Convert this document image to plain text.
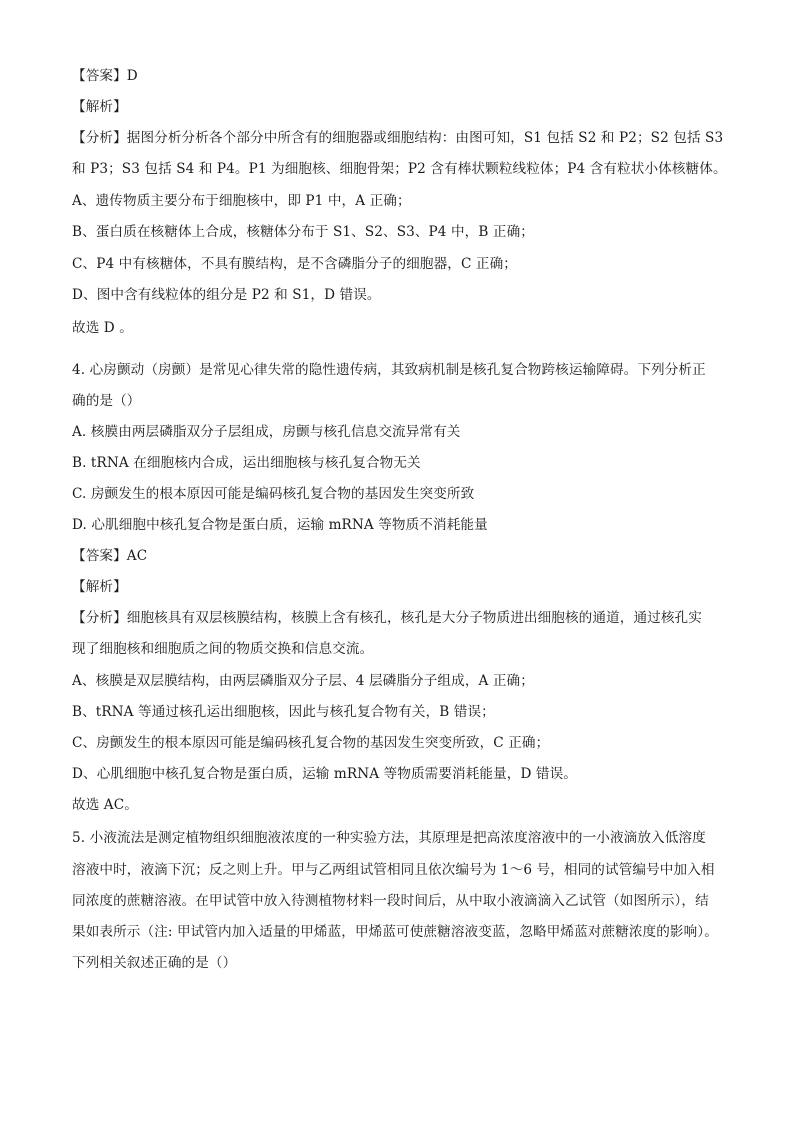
【答案】D
【解析】
【分析】据图分析分析各个部分中所含有的细胞器或细胞结构：由图可知，S1 包括 S2 和 P2；S2 包括 S3
和 P3；S3 包括 S4 和 P4。P1 为细胞核、细胞骨架；P2 含有棒状颗粒线粒体；P4 含有粒状小体核糖体。
A、遗传物质主要分布于细胞核中，即 P1 中，A 正确；
B、蛋白质在核糖体上合成，核糖体分布于 S1、S2、S3、P4 中，B 正确；
C、P4 中有核糖体，不具有膜结构，是不含磷脂分子的细胞器，C 正确；
D、图中含有线粒体的组分是 P2 和 S1，D 错误。
故选 D 。
4. 心房颤动（房颤）是常见心律失常的隐性遗传病，其致病机制是核孔复合物跨核运输障碍。下列分析正
确的是（）
A. 核膜由两层磷脂双分子层组成，房颤与核孔信息交流异常有关
B. tRNA 在细胞核内合成，运出细胞核与核孔复合物无关
C. 房颤发生的根本原因可能是编码核孔复合物的基因发生突变所致
D. 心肌细胞中核孔复合物是蛋白质，运输 mRNA 等物质不消耗能量
【答案】AC
【解析】
【分析】细胞核具有双层核膜结构，核膜上含有核孔，核孔是大分子物质进出细胞核的通道，通过核孔实
现了细胞核和细胞质之间的物质交换和信息交流。
A、核膜是双层膜结构，由两层磷脂双分子层、4 层磷脂分子组成，A 正确；
B、tRNA 等通过核孔运出细胞核，因此与核孔复合物有关，B 错误；
C、房颤发生的根本原因可能是编码核孔复合物的基因发生突变所致，C 正确；
D、心肌细胞中核孔复合物是蛋白质，运输 mRNA 等物质需要消耗能量，D 错误。
故选 AC。
5. 小液流法是测定植物组织细胞液浓度的一种实验方法，其原理是把高浓度溶液中的一小液滴放入低溶度
溶液中时，液滴下沉；反之则上升。甲与乙两组试管相同且依次编号为 1～6 号，相同的试管编号中加入相
同浓度的蔗糖溶液。在甲试管中放入待测植物材料一段时间后，从中取小液滴滴入乙试管（如图所示），结
果如表所示（注: 甲试管内加入适量的甲烯蓝，甲烯蓝可使蔗糖溶液变蓝，忽略甲烯蓝对蔗糖浓度的影响）。
下列相关叙述正确的是（）
